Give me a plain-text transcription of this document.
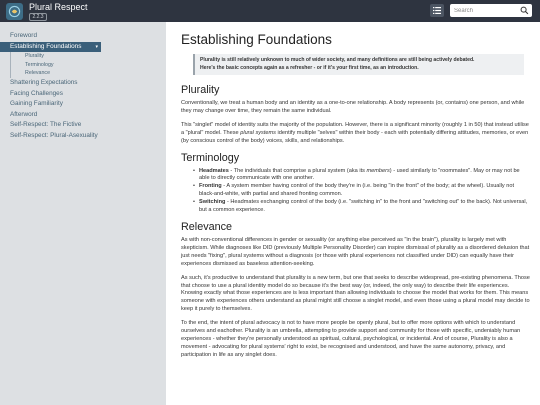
Plural Respect
2.2.3
Search
Foreword
Establishing Foundations	▾
Plurality
Terminology
Relevance
Shattering Expectations
Facing Challenges
Gaining Familiarity
Afterword
Self-Respect: The Fictive
Self-Respect: Plural-Asexuality
Establishing Foundations

Plurality is still relatively unknown to much of wider society, and many definitions are still being actively debated.

Here's the basic concepts again as a refresher - or if it's your first time, as an introduction.

Plurality

Conventionally, we treat a human body and an identity as a one-to-one relationship. A body represents (or, contains) one person, and while they may change over time, they remain the same individual.

This "singlet" model of identity suits the majority of the population. However, there is a significant minority (roughly 1 in 50) that instead utilise a "plural" model. These plural systems identify multiple "selves" within their body - each with potentially differing attitudes, memories, or even (by conscious control of the body) voices, skills, and relationships.

Terminology
• Headmates - The individuals that comprise a plural system (aka its members) - used similarly to "roommates". May or may not be able to directly communicate with one another.
• Fronting - A system member having control of the body they're in (i.e. being "in the front" of the body; at the wheel). Usually not black-and-white, with partial and shared fronting common.
• Switching - Headmates exchanging control of the body (i.e. "switching in" to the front and "switching out" to the back). Not universal, but a common experience.
Relevance

As with non-conventional differences in gender or sexuality (or anything else perceived as "in the brain"), plurality is largely met with skepticism. While diagnoses like DID (previously Multiple Personality Disorder) can inspire dismissal of plurality as a disordered delusion that just needs "fixing", plural systems without a diagnosis (or those with plural experiences not classified under DID) can equally have their experiences dismissed as baseless attention-seeking.

As such, it's productive to understand that plurality is a new term, but one that seeks to describe widespread, pre-existing phenomena. Those that choose to use a plural identity model do so because it's the best way (or, indeed, the only way) to describe their life experiences. Knowing exactly what those experiences are is less important than allowing individuals to choose the model that works for them. This means someone with experiences others understand as plural might still choose a singlet model, and even those using a plural model may decide to keep it purely to themselves.

To the end, the intent of plural advocacy is not to have more people be openly plural, but to offer more options with which to understand ourselves and eachother. Plurality is an umbrella, attempting to provide support and community for those with specific, undeniably human experiences - whether they're personally understood as spiritual, cultural, psychological, or incidental. And of course, Plurality is also a movement - advocating for plural systems' right to exist, be recognised and understood, and have the same autonomy, privacy, and participation in life as any singlet does.
